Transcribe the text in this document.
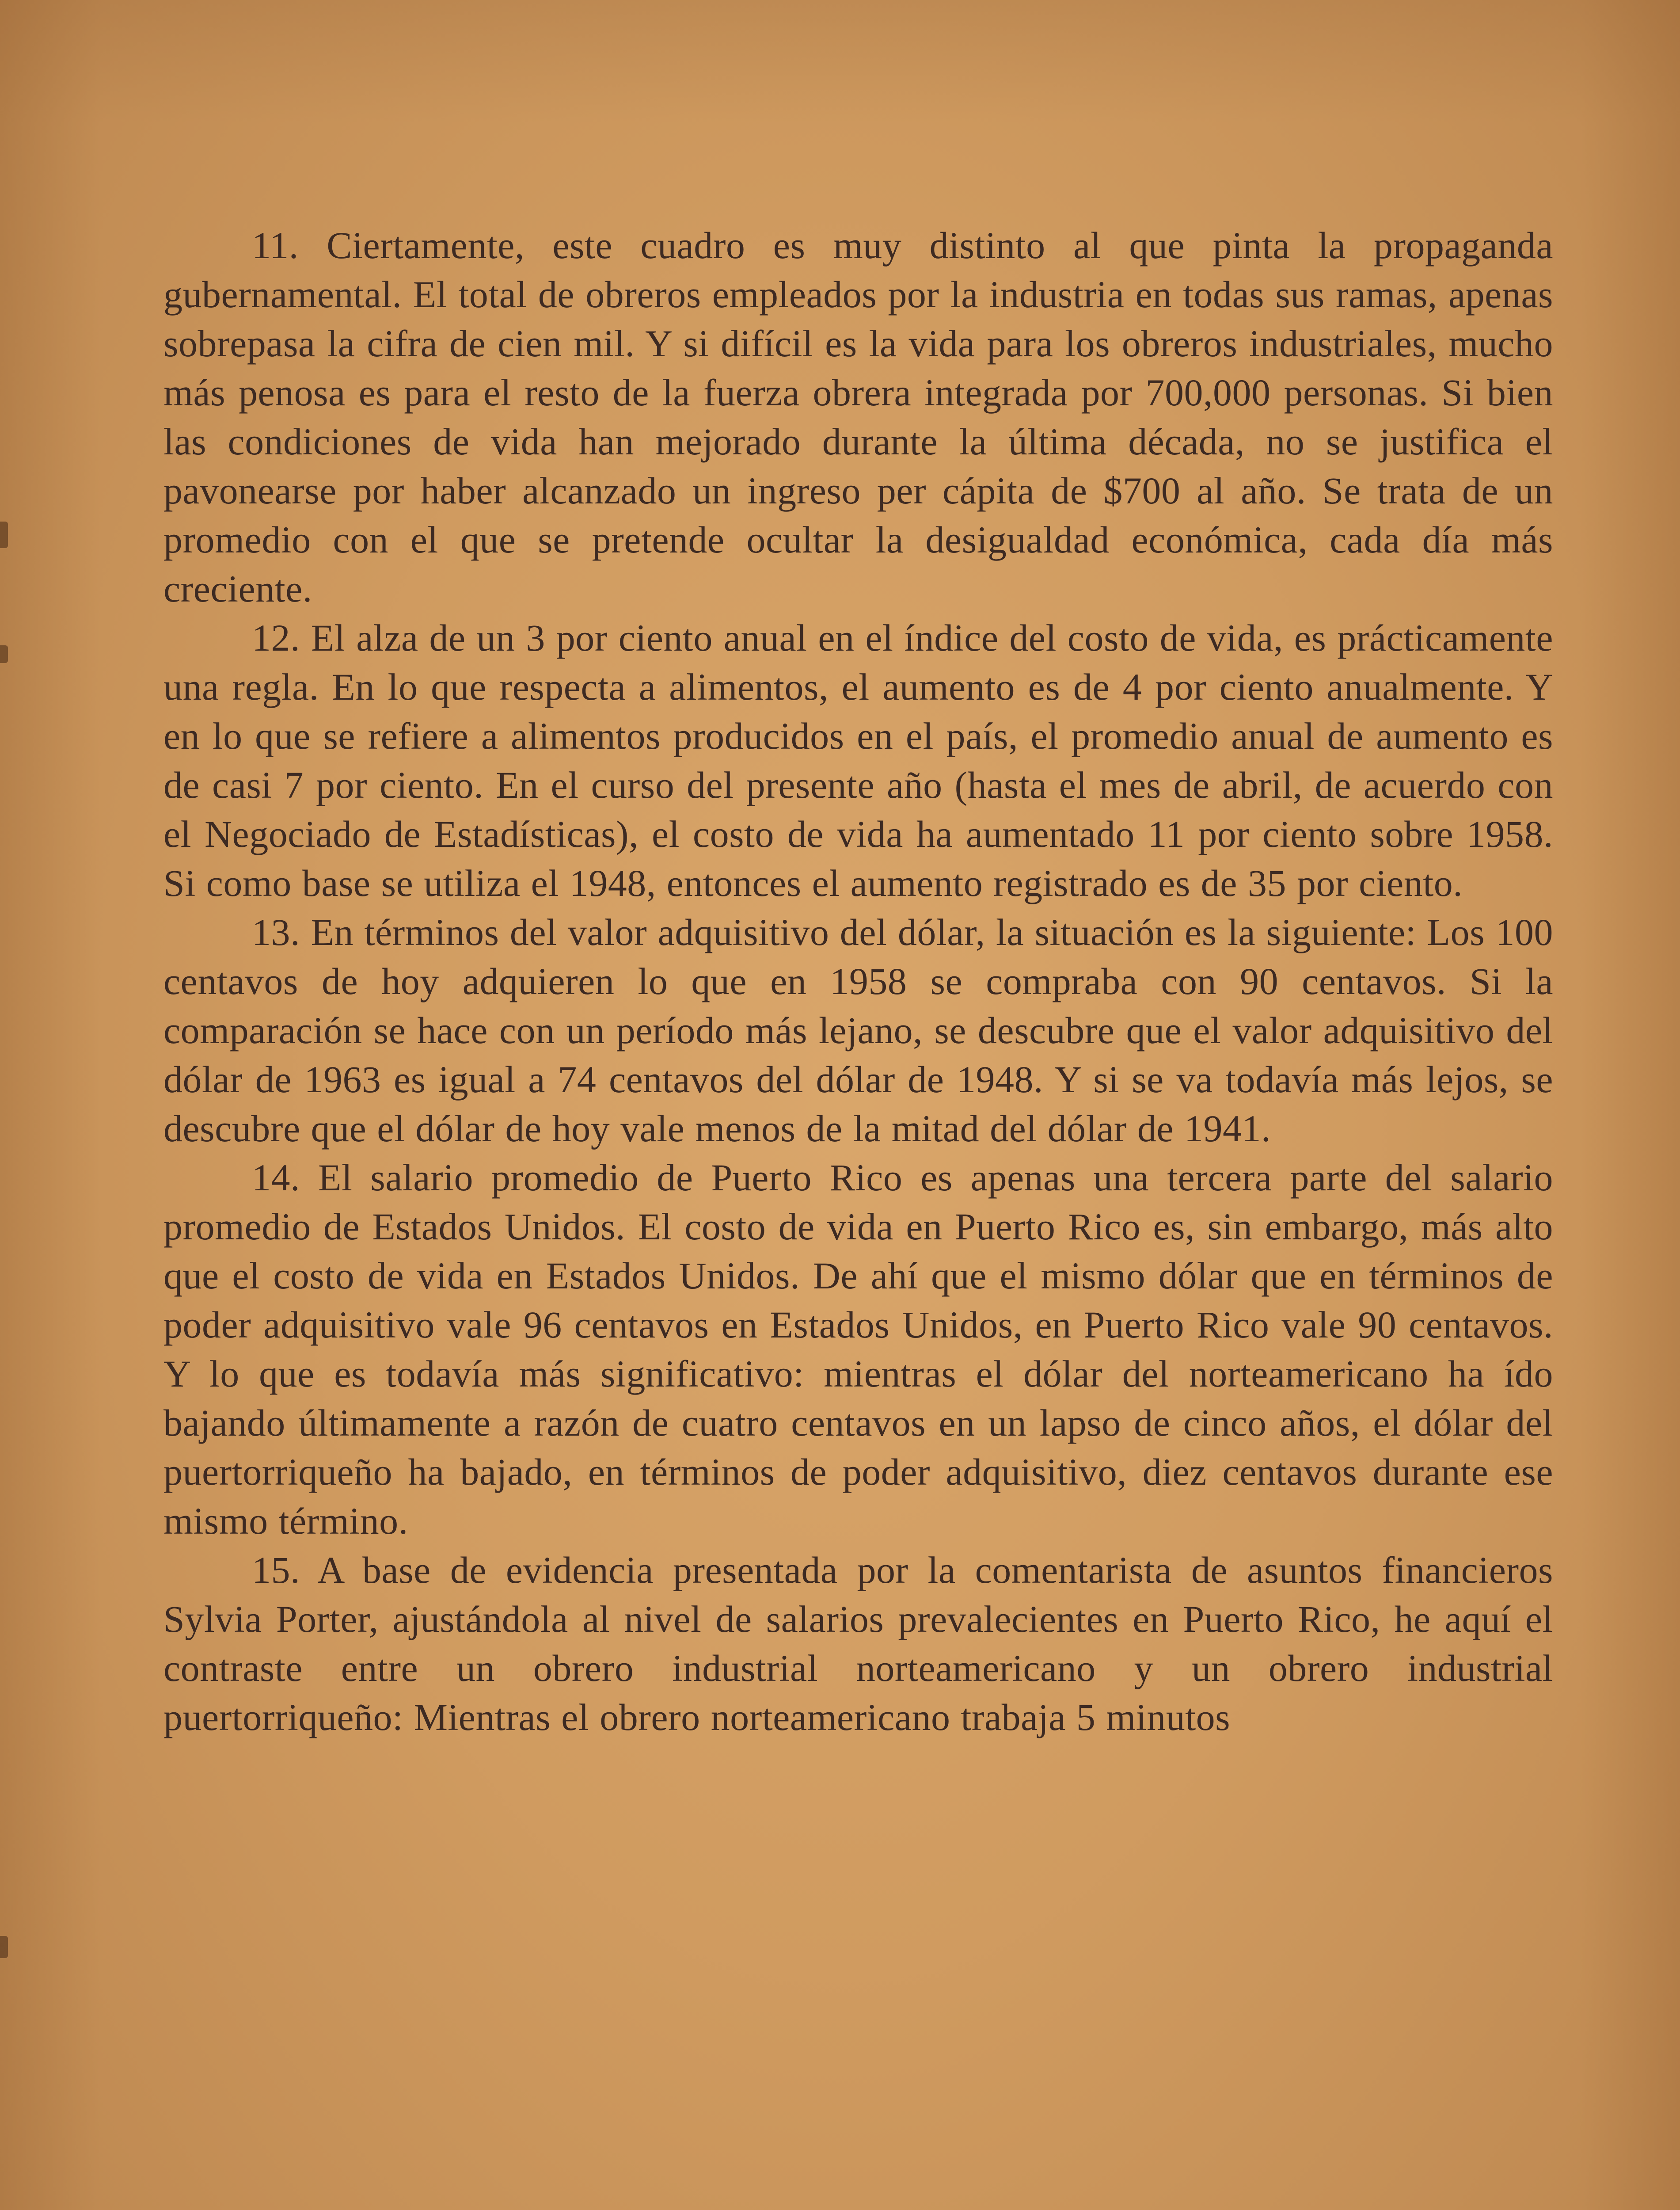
11. Ciertamente, este cuadro es muy distinto al que pinta la propaganda gubernamental. El total de obreros empleados por la industria en todas sus ramas, apenas sobrepasa la cifra de cien mil. Y si difícil es la vida para los obreros industriales, mucho más penosa es para el resto de la fuerza obrera integrada por 700,000 personas. Si bien las condiciones de vida han mejorado durante la última década, no se justifica el pavonearse por haber alcanzado un ingreso per cápita de $700 al año. Se trata de un promedio con el que se pretende ocultar la desigualdad económica, cada día más creciente.

12. El alza de un 3 por ciento anual en el índice del costo de vida, es prácticamente una regla. En lo que respecta a alimentos, el aumento es de 4 por ciento anualmente. Y en lo que se refiere a alimentos producidos en el país, el promedio anual de aumento es de casi 7 por ciento. En el curso del presente año (hasta el mes de abril, de acuerdo con el Negociado de Estadísticas), el costo de vida ha aumentado 11 por ciento sobre 1958. Si como base se utiliza el 1948, entonces el aumento registrado es de 35 por ciento.

13. En términos del valor adquisitivo del dólar, la situación es la siguiente: Los 100 centavos de hoy adquieren lo que en 1958 se compraba con 90 centavos. Si la comparación se hace con un período más lejano, se descubre que el valor adquisitivo del dólar de 1963 es igual a 74 centavos del dólar de 1948. Y si se va todavía más lejos, se descubre que el dólar de hoy vale menos de la mitad del dólar de 1941.

14. El salario promedio de Puerto Rico es apenas una tercera parte del salario promedio de Estados Unidos. El costo de vida en Puerto Rico es, sin embargo, más alto que el costo de vida en Estados Unidos. De ahí que el mismo dólar que en términos de poder adquisitivo vale 96 centavos en Estados Unidos, en Puerto Rico vale 90 centavos. Y lo que es todavía más significativo: mientras el dólar del norteamericano ha ído bajando últimamente a razón de cuatro centavos en un lapso de cinco años, el dólar del puertorriqueño ha bajado, en términos de poder adquisitivo, diez centavos durante ese mismo término.

15. A base de evidencia presentada por la comentarista de asuntos financieros Sylvia Porter, ajustándola al nivel de salarios prevalecientes en Puerto Rico, he aquí el contraste entre un obrero industrial norteamericano y un obrero industrial puertorriqueño: Mientras el obrero norteamericano trabaja 5 minutos
